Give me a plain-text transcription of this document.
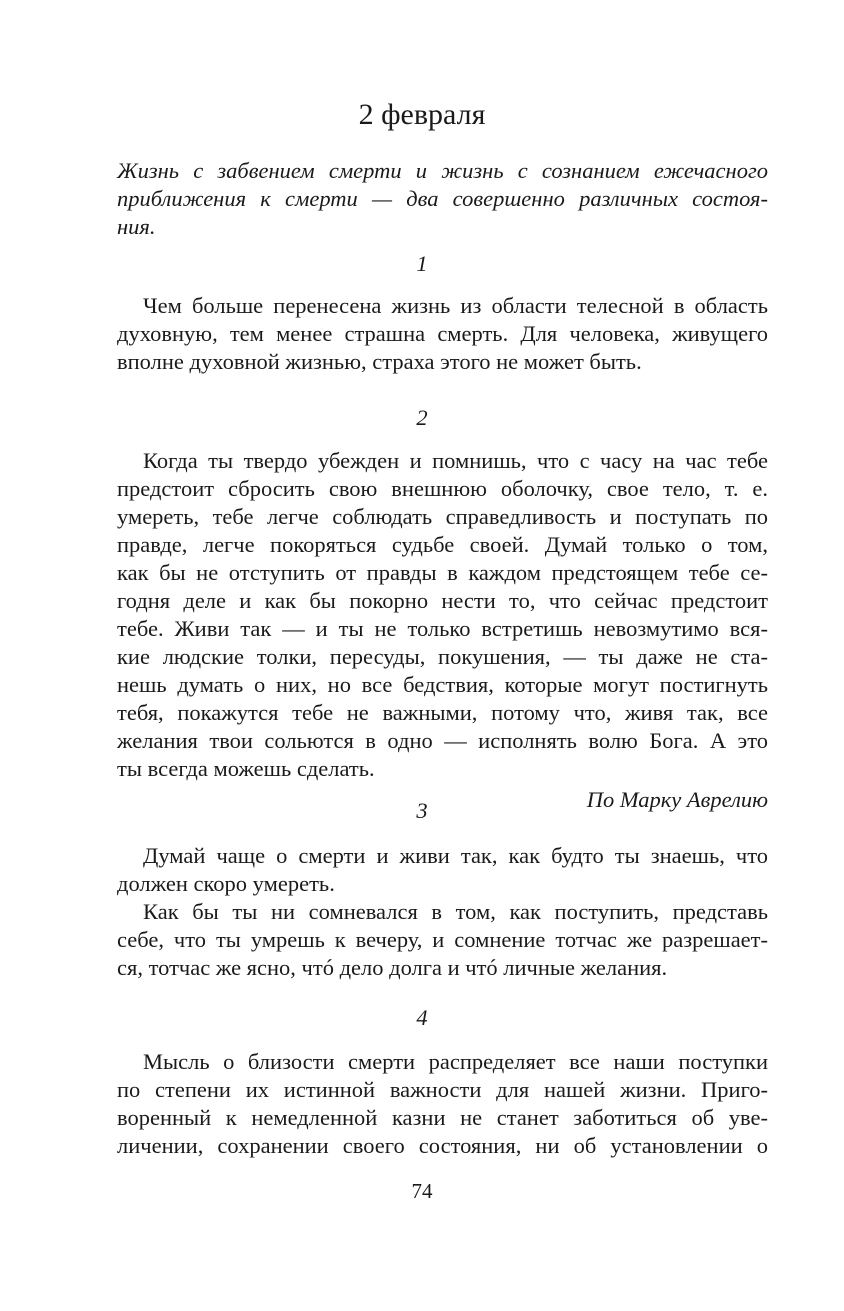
2 февраля
Жизнь с забвением смерти и жизнь с сознанием ежечасного
приближения к смерти — два совершенно различных состоя-
ния.
1
Чем больше перенесена жизнь из области телесной в область
духовную, тем менее страшна смерть. Для человека, живущего
вполне духовной жизнью, страха этого не может быть.
2
Когда ты твердо убежден и помнишь, что с часу на час тебе
предстоит сбросить свою внешнюю оболочку, свое тело, т. е.
умереть, тебе легче соблюдать справедливость и поступать по
правде, легче покоряться судьбе своей. Думай только о том,
как бы не отступить от правды в каждом предстоящем тебе се-
годня деле и как бы покорно нести то, что сейчас предстоит
тебе. Живи так — и ты не только встретишь невозмутимо вся-
кие людские толки, пересуды, покушения, — ты даже не ста-
нешь думать о них, но все бедствия, которые могут постигнуть
тебя, покажутся тебе не важными, потому что, живя так, все
желания твои сольются в одно — исполнять волю Бога. А это
ты всегда можешь сделать.
По Марку Аврелию
3
Думай чаще о смерти и живи так, как будто ты знаешь, что
должен скоро умереть.
Как бы ты ни сомневался в том, как поступить, представь
себе, что ты умрешь к вечеру, и сомнение тотчас же разрешает-
ся, тотчас же ясно, чтó дело долга и чтó личные желания.
4
Мысль о близости смерти распределяет все наши поступки
по степени их истинной важности для нашей жизни. Приго-
воренный к немедленной казни не станет заботиться об уве-
личении, сохранении своего состояния, ни об установлении о
74
